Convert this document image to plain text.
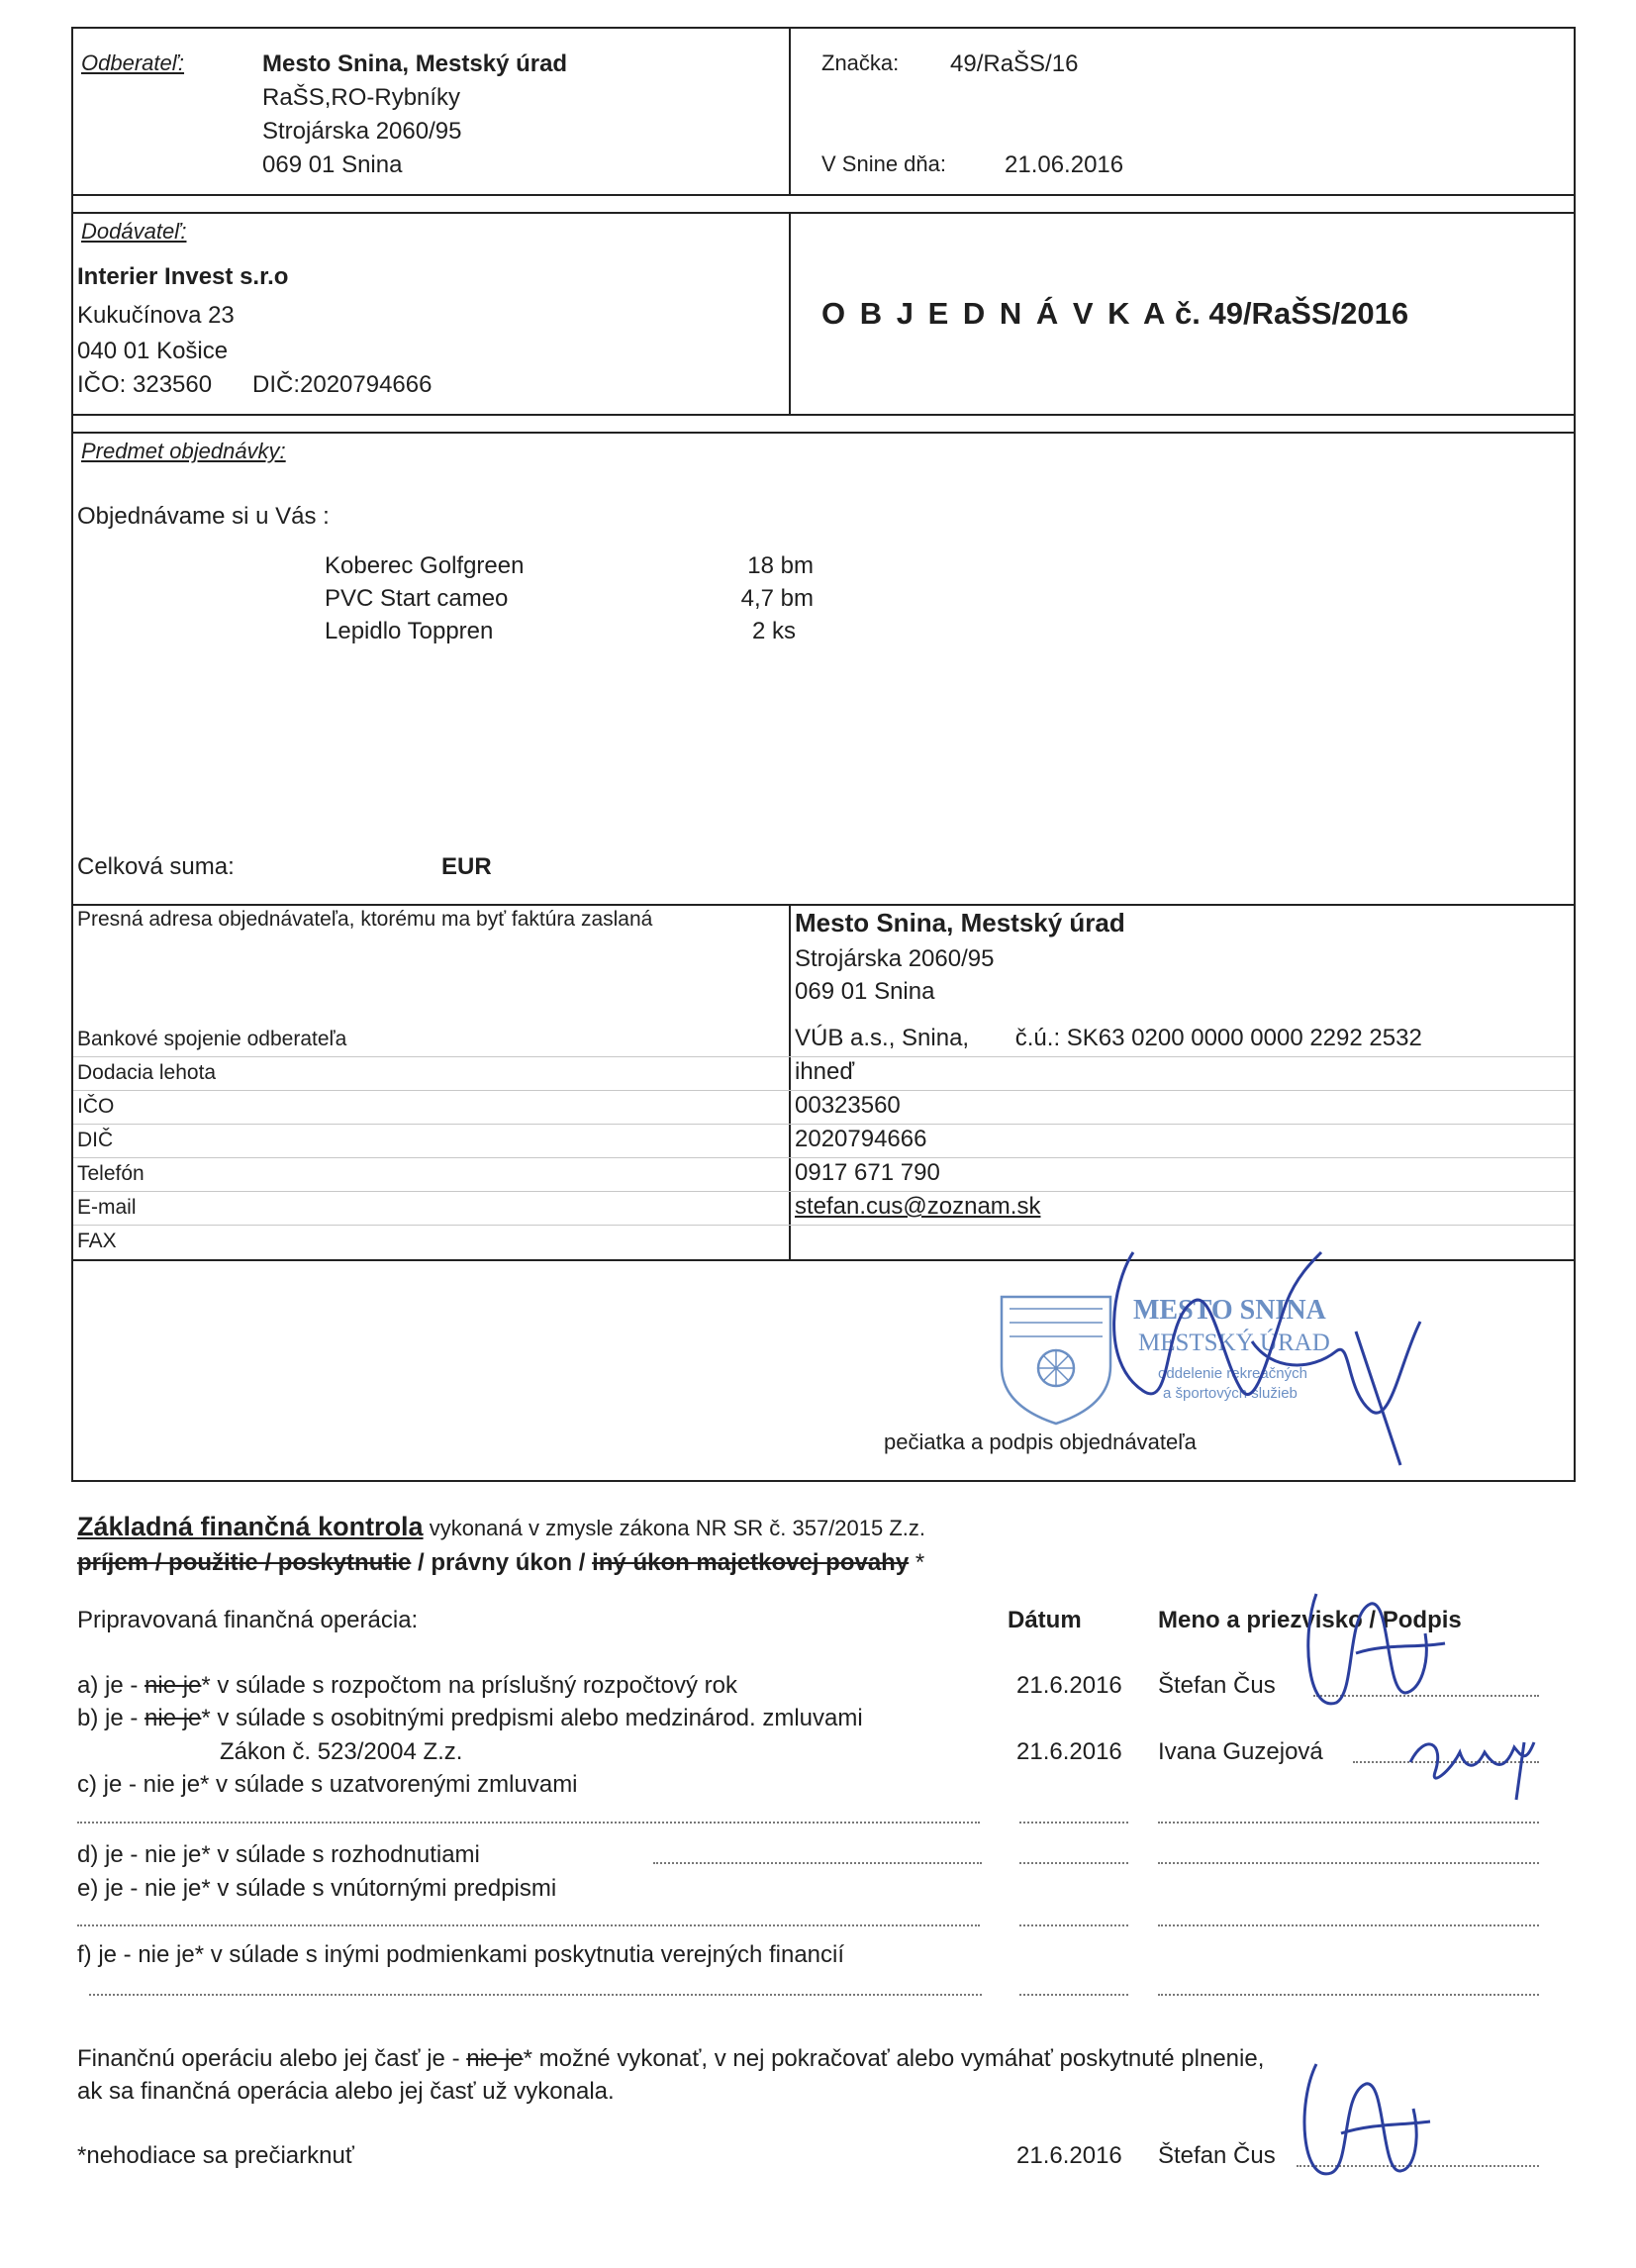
Odberateľ:	Mesto Snina, Mestský úrad
RaŠS,RO-Rybníky
Strojárska 2060/95
069 01 Snina
Značka: 49/RaŠS/16
V Snine dňa: 21.06.2016
Dodávateľ:
Interier Invest s.r.o
Kukučínova 23
040 01 Košice
IČO: 323560 DIČ:2020794666
O B J E D N Á V K A č. 49/RaŠS/2016
Predmet objednávky:
Objednávame si u Vás :
Koberec Golfgreen	18 bm
PVC Start cameo	4,7 bm
Lepidlo Toppren	2 ks
Celková suma:	EUR
Presná adresa objednávateľa, ktorému ma byť faktúra zaslaná	Mesto Snina, Mestský úrad
Strojárska 2060/95
069 01 Snina
Bankové spojenie odberateľa	VÚB a.s., Snina,       č.ú.: SK63 0200 0000 0000 2292 2532
Dodacia lehota	ihneď
IČO	00323560
DIČ	2020794666
Telefón	0917 671 790
E-mail	stefan.cus@zoznam.sk
FAX
MESTO SNINA
MESTSKÝ ÚRAD
oddelenie rekreačných
a športových služieb
pečiatka a podpis objednávateľa
Základná finančná kontrola vykonaná v zmysle zákona NR SR č. 357/2015 Z.z.
príjem / použitie / poskytnutie / právny úkon / iný úkon majetkovej povahy *
Pripravovaná finančná operácia:	Dátum	Meno a priezvisko / Podpis
a) je - nie je* v súlade s rozpočtom na príslušný rozpočtový rok	21.6.2016 Štefan Čus
b) je - nie je* v súlade s osobitnými predpismi alebo medzinárod. zmluvami
Zákon č. 523/2004 Z.z.	21.6.2016 Ivana Guzejová
c) je - nie je* v súlade s uzatvorenými zmluvami
d) je - nie je* v súlade s rozhodnutiami
e) je - nie je* v súlade s vnútornými predpismi
f) je - nie je* v súlade s inými podmienkami poskytnutia verejných financií
Finančnú operáciu alebo jej časť je - nie je* možné vykonať, v nej pokračovať alebo vymáhať poskytnuté plnenie,
ak sa finančná operácia alebo jej časť už vykonala.
*nehodiace sa prečiarknuť	21.6.2016 Štefan Čus
